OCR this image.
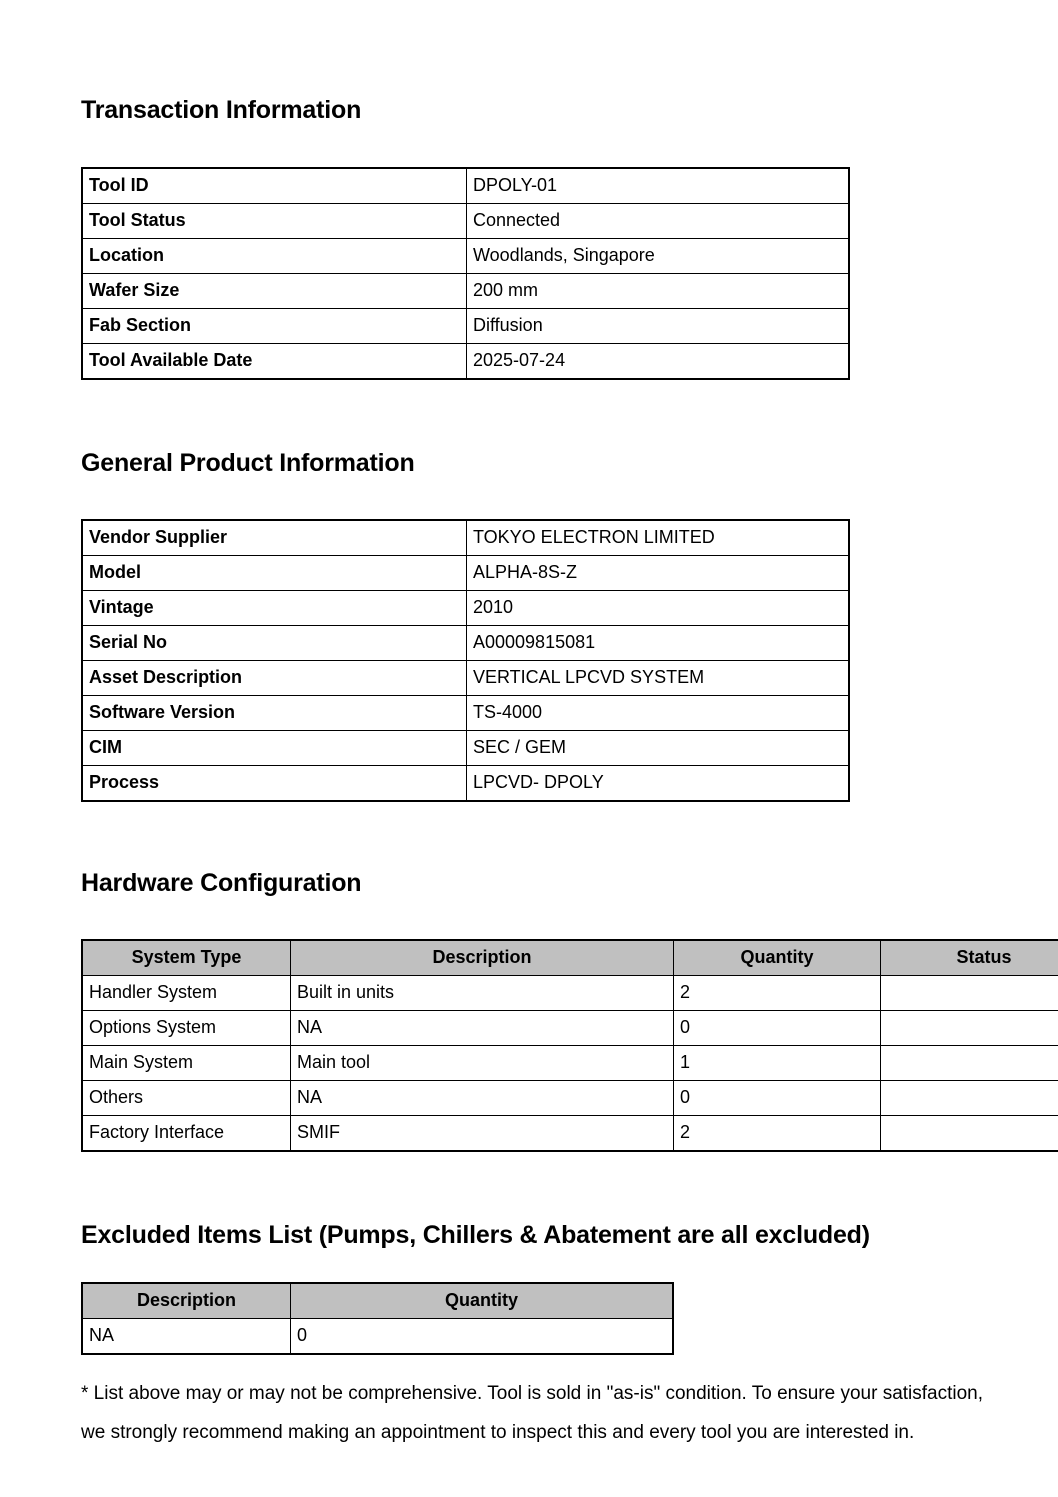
Transaction Information
Tool ID	DPOLY-01
Tool Status	Connected
Location	Woodlands, Singapore
Wafer Size	200 mm
Fab Section	Diffusion
Tool Available Date	2025-07-24
General Product Information
Vendor Supplier	TOKYO ELECTRON LIMITED
Model	ALPHA-8S-Z
Vintage	2010
Serial No	A00009815081
Asset Description	VERTICAL LPCVD SYSTEM
Software Version	TS-4000
CIM	SEC / GEM
Process	LPCVD- DPOLY
Hardware Configuration
System Type	Description	Quantity	Status
Handler System	Built in units	2	
Options System	NA	0	
Main System	Main tool	1	
Others	NA	0	
Factory Interface	SMIF	2	
Excluded Items List (Pumps, Chillers & Abatement are all excluded)
Description	Quantity
NA	0

* List above may or may not be comprehensive. Tool is sold in "as-is" condition. To ensure your satisfaction, we strongly recommend making an appointment to inspect this and every tool you are interested in.
